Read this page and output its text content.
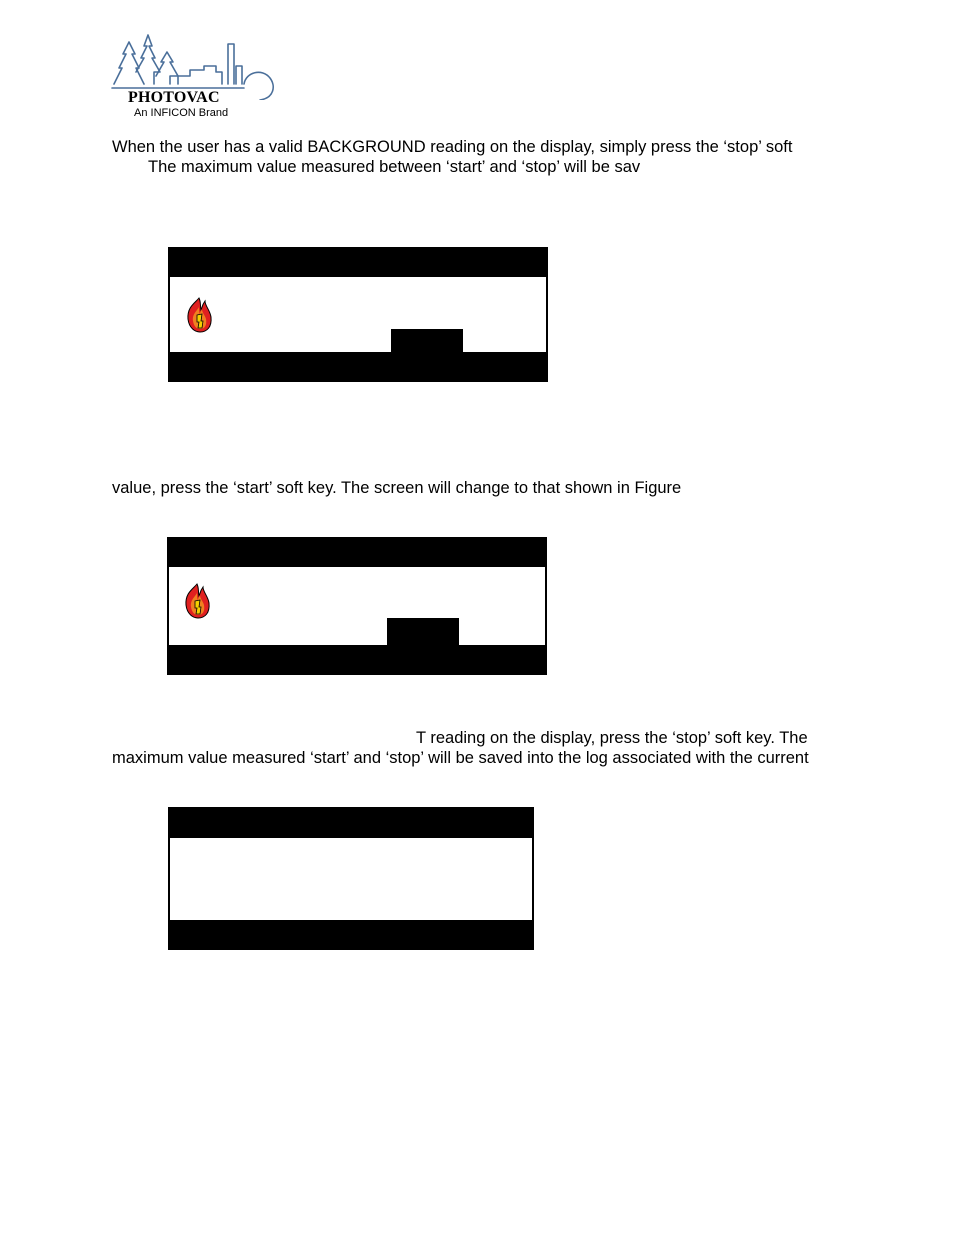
PHOTOVAC
An INFICON Brand
When the user has a valid BACKGROUND reading on the display, simply press the ‘stop’ soft
The maximum value measured between ‘start’ and ‘stop’ will be sav
value, press the ‘start’ soft key. The screen will change to that shown in Figure
T reading on the display, press the ‘stop’ soft key. The
maximum value measured ‘start’ and ‘stop’ will be saved into the log associated with the current
